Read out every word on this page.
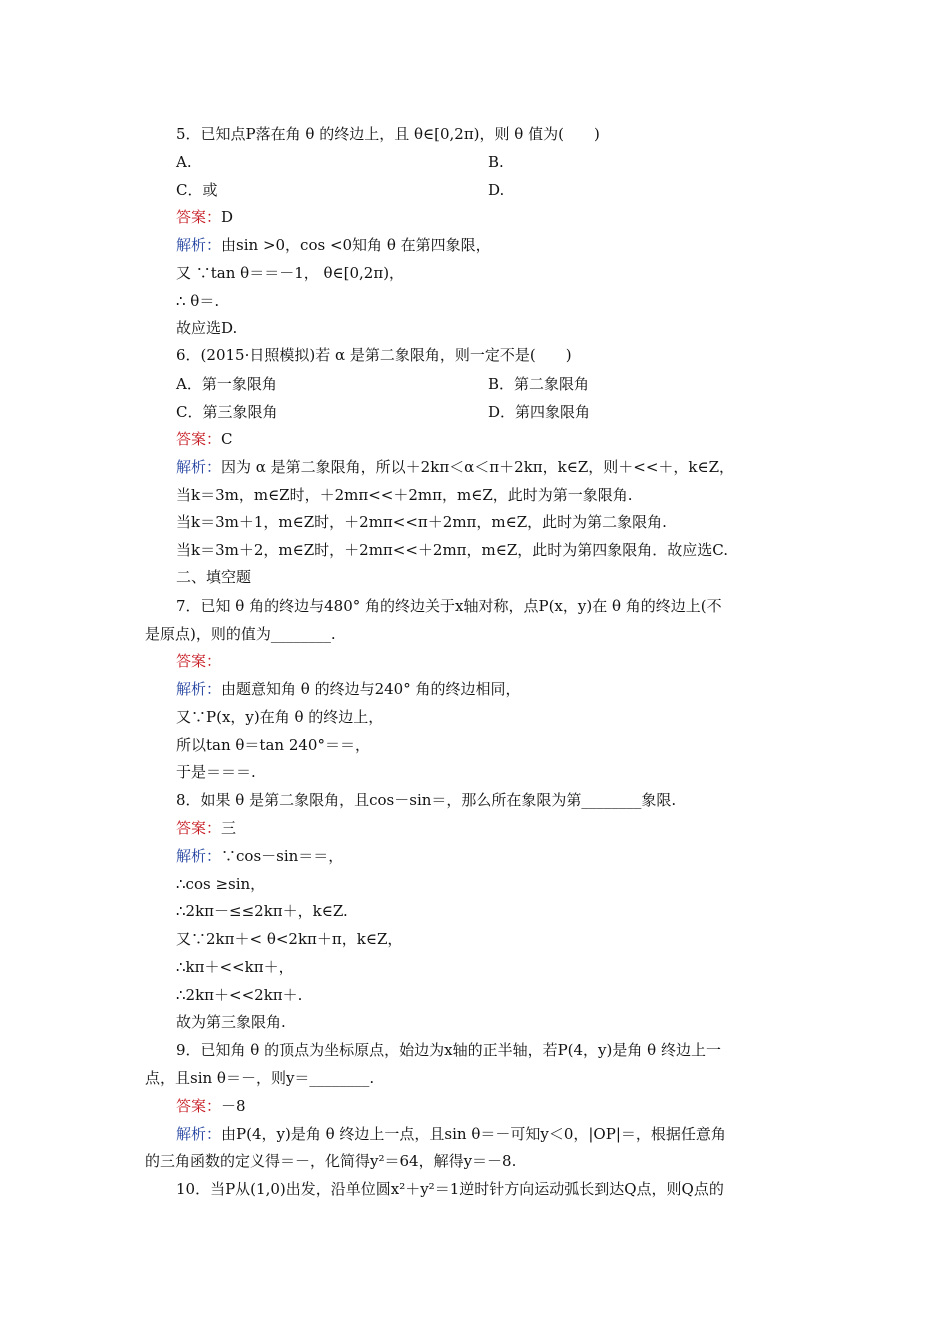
5．已知点P落在角 θ 的终边上，且 θ∈[0,2π)，则 θ 值为(　　)
A.	B.
C．或	D.
答案：D
解析：由sin >0，cos <0知角 θ 在第四象限，
又 ∵tan θ＝＝－1， θ∈[0,2π)，
∴ θ＝.
故应选D.
6．(2015·日照模拟)若 α 是第二象限角，则一定不是(　　)
A．第一象限角	B．第二象限角
C．第三象限角	D．第四象限角
答案：C
解析：因为 α 是第二象限角，所以＋2kπ＜α＜π＋2kπ，k∈Z，则＋<<＋，k∈Z，
当k＝3m，m∈Z时，＋2mπ<<＋2mπ，m∈Z，此时为第一象限角.
当k＝3m＋1，m∈Z时，＋2mπ<<π＋2mπ，m∈Z，此时为第二象限角.
当k＝3m＋2，m∈Z时，＋2mπ<<＋2mπ，m∈Z，此时为第四象限角．故应选C.
二、填空题
7．已知 θ 角的终边与480° 角的终边关于x轴对称，点P(x，y)在 θ 角的终边上(不
是原点)，则的值为________.
答案：
解析：由题意知角 θ 的终边与240° 角的终边相同，
又∵P(x，y)在角 θ 的终边上，
所以tan θ＝tan 240°＝＝，
于是＝＝＝.
8．如果 θ 是第二象限角，且cos－sin＝，那么所在象限为第________象限.
答案：三
解析：∵cos－sin＝＝，
∴cos ≥sin，
∴2kπ－≤≤2kπ＋，k∈Z.
又∵2kπ＋< θ<2kπ＋π，k∈Z，
∴kπ＋<<kπ＋，
∴2kπ＋<<2kπ＋.
故为第三象限角.
9．已知角 θ 的顶点为坐标原点，始边为x轴的正半轴，若P(4，y)是角 θ 终边上一
点，且sin θ＝－，则y＝________.
答案：－8
解析：由P(4，y)是角 θ 终边上一点，且sin θ＝－可知y＜0，|OP|＝，根据任意角
的三角函数的定义得＝－，化简得y²＝64，解得y＝－8.
10．当P从(1,0)出发，沿单位圆x²＋y²＝1逆时针方向运动弧长到达Q点，则Q点的
